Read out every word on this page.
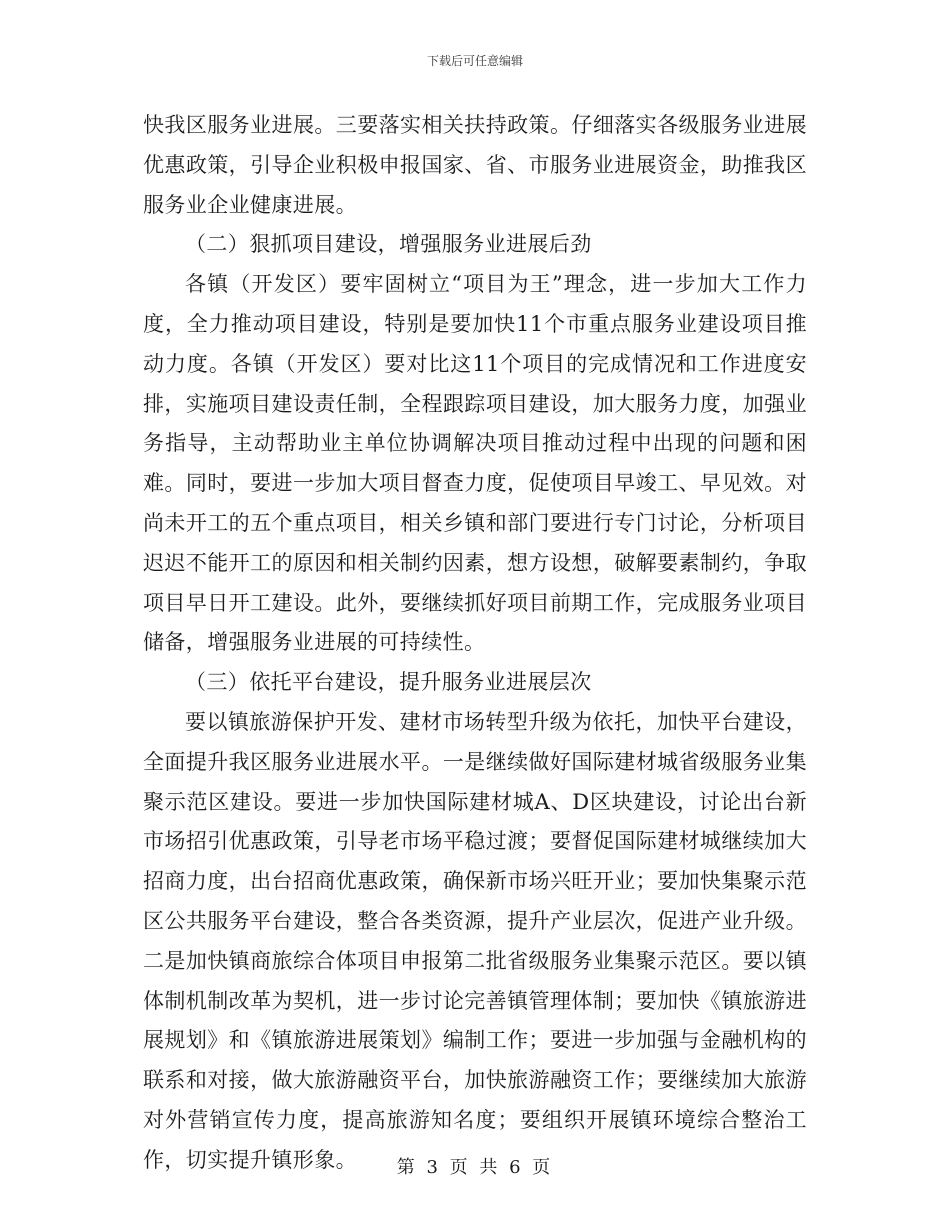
下载后可任意编辑

快我区服务业进展。三要落实相关扶持政策。仔细落实各级服务业进展优惠政策，引导企业积极申报国家、省、市服务业进展资金，助推我区服务业企业健康进展。

（二）狠抓项目建设，增强服务业进展后劲

各镇（开发区）要牢固树立“项目为王”理念，进一步加大工作力度，全力推动项目建设，特别是要加快11个市重点服务业建设项目推动力度。各镇（开发区）要对比这11个项目的完成情况和工作进度安排，实施项目建设责任制，全程跟踪项目建设，加大服务力度，加强业务指导，主动帮助业主单位协调解决项目推动过程中出现的问题和困难。同时，要进一步加大项目督查力度，促使项目早竣工、早见效。对尚未开工的五个重点项目，相关乡镇和部门要进行专门讨论，分析项目迟迟不能开工的原因和相关制约因素，想方设想，破解要素制约，争取项目早日开工建设。此外，要继续抓好项目前期工作，完成服务业项目储备，增强服务业进展的可持续性。

（三）依托平台建设，提升服务业进展层次

要以镇旅游保护开发、建材市场转型升级为依托，加快平台建设，全面提升我区服务业进展水平。一是继续做好国际建材城省级服务业集聚示范区建设。要进一步加快国际建材城A、D区块建设，讨论出台新市场招引优惠政策，引导老市场平稳过渡；要督促国际建材城继续加大招商力度，出台招商优惠政策，确保新市场兴旺开业；要加快集聚示范区公共服务平台建设，整合各类资源，提升产业层次，促进产业升级。二是加快镇商旅综合体项目申报第二批省级服务业集聚示范区。要以镇体制机制改革为契机，进一步讨论完善镇管理体制；要加快《镇旅游进展规划》和《镇旅游进展策划》编制工作；要进一步加强与金融机构的联系和对接，做大旅游融资平台，加快旅游融资工作；要继续加大旅游对外营销宣传力度，提高旅游知名度；要组织开展镇环境综合整治工作，切实提升镇形象。	第 3 页 共 6 页
